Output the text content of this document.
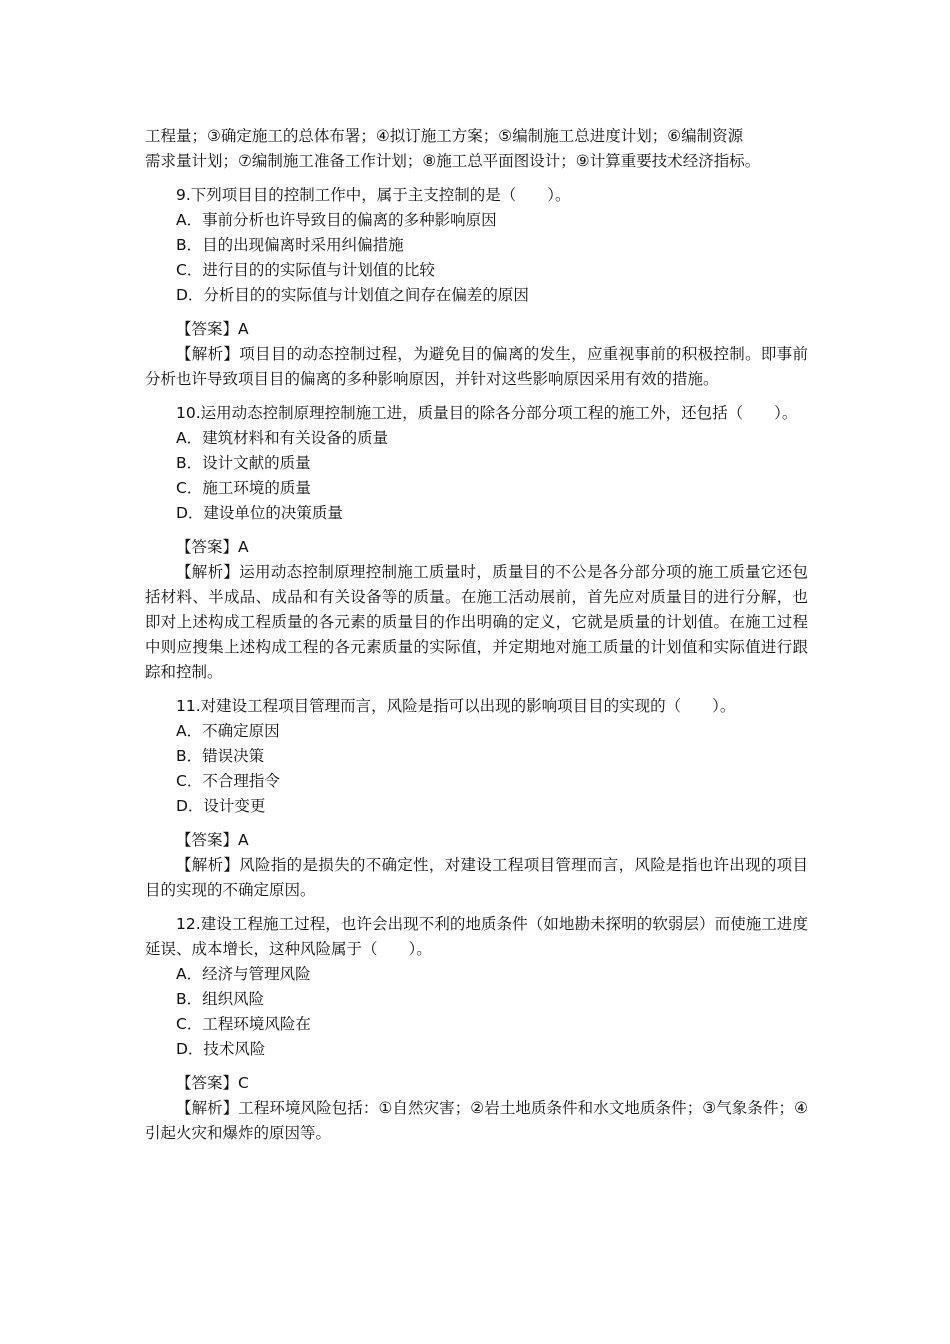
工程量；③确定施工的总体布署；④拟订施工方案；⑤编制施工总进度计划；⑥编制资源

需求量计划；⑦编制施工准备工作计划；⑧施工总平面图设计；⑨计算重要技术经济指标。

9.下列项目目的控制工作中，属于主支控制的是（　　）。

A．事前分析也许导致目的偏离的多种影响原因

B．目的出现偏离时采用纠偏措施

C．进行目的的实际值与计划值的比较

D．分析目的的实际值与计划值之间存在偏差的原因

【答案】A

【解析】项目目的动态控制过程，为避免目的偏离的发生，应重视事前的积极控制。即事前分析也许导致项目目的偏离的多种影响原因，并针对这些影响原因采用有效的措施。

10.运用动态控制原理控制施工进，质量目的除各分部分项工程的施工外，还包括（　　）。

A．建筑材料和有关设备的质量

B．设计文献的质量

C．施工环境的质量

D．建设单位的决策质量

【答案】A

【解析】运用动态控制原理控制施工质量时，质量目的不公是各分部分项的施工质量它还包括材料、半成品、成品和有关设备等的质量。在施工活动展前，首先应对质量目的进行分解，也即对上述构成工程质量的各元素的质量目的作出明确的定义，它就是质量的计划值。在施工过程中则应搜集上述构成工程的各元素质量的实际值，并定期地对施工质量的计划值和实际值进行跟踪和控制。

11.对建设工程项目管理而言，风险是指可以出现的影响项目目的实现的（　　）。

A．不确定原因

B．错误决策

C．不合理指令

D．设计变更

【答案】A

【解析】风险指的是损失的不确定性，对建设工程项目管理而言，风险是指也许出现的项目目的实现的不确定原因。

12.建设工程施工过程，也许会出现不利的地质条件（如地勘未探明的软弱层）而使施工进度延误、成本增长，这种风险属于（　　）。

A．经济与管理风险

B．组织风险

C．工程环境风险在

D．技术风险

【答案】C

【解析】工程环境风险包括：①自然灾害；②岩土地质条件和水文地质条件；③气象条件；④引起火灾和爆炸的原因等。
